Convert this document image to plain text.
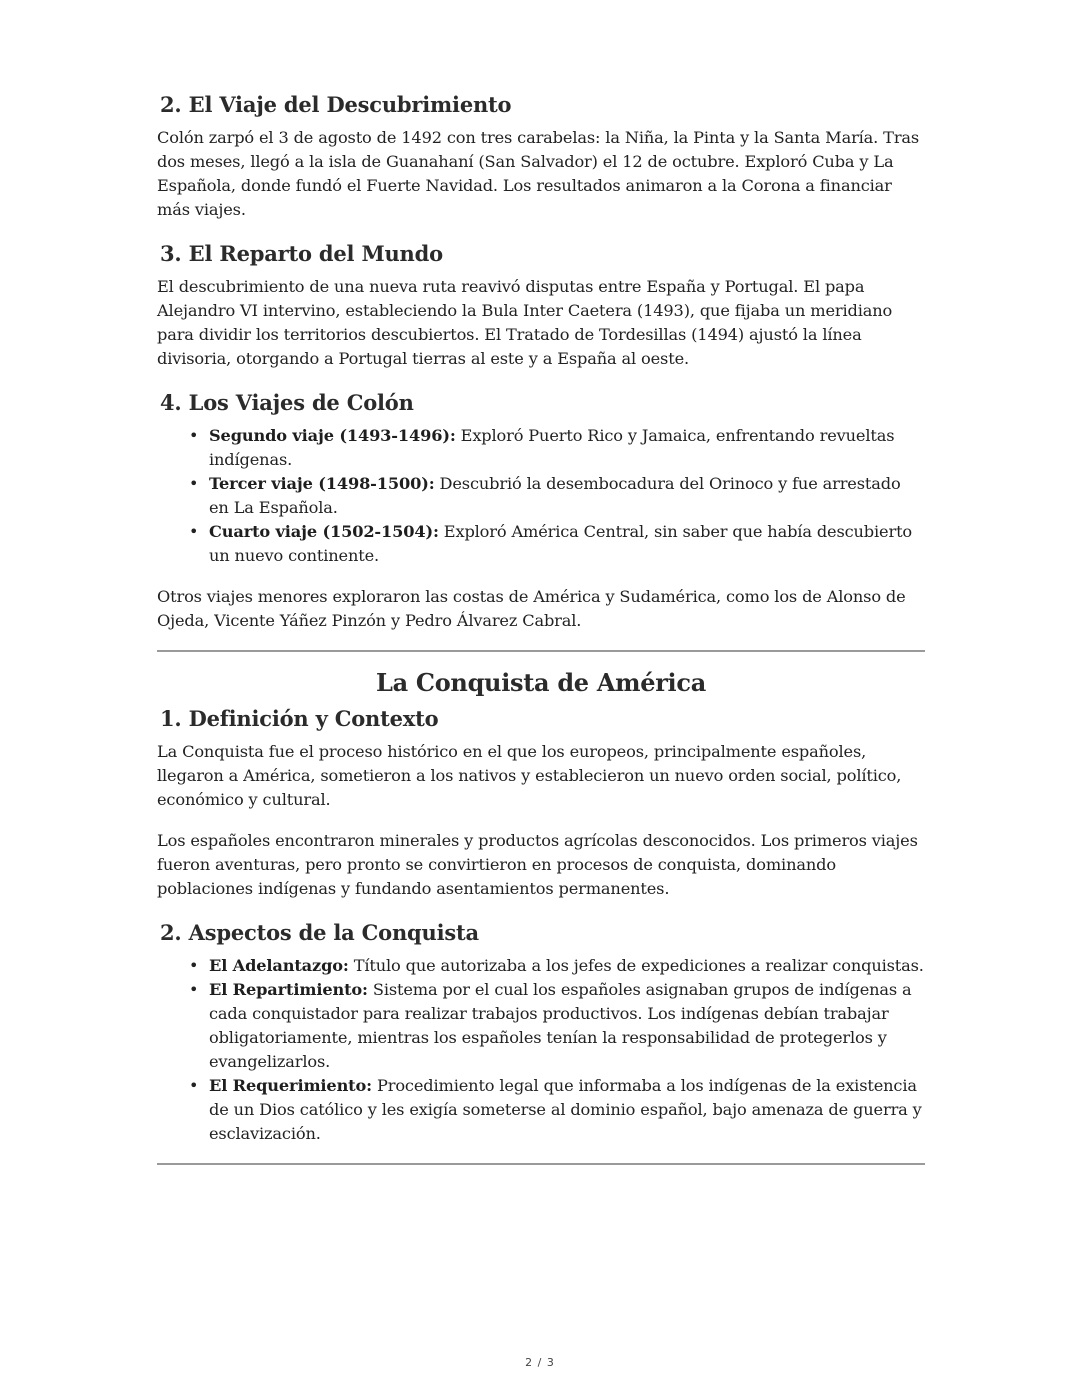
2. El Viaje del Descubrimiento

Colón zarpó el 3 de agosto de 1492 con tres carabelas: la Niña, la Pinta y la Santa María. Tras dos meses, llegó a la isla de Guanahaní (San Salvador) el 12 de octubre. Exploró Cuba y La Española, donde fundó el Fuerte Navidad. Los resultados animaron a la Corona a financiar más viajes.

3. El Reparto del Mundo

El descubrimiento de una nueva ruta reavivó disputas entre España y Portugal. El papa Alejandro VI intervino, estableciendo la Bula Inter Caetera (1493), que fijaba un meridiano para dividir los territorios descubiertos. El Tratado de Tordesillas (1494) ajustó la línea divisoria, otorgando a Portugal tierras al este y a España al oeste.

4. Los Viajes de Colón
• Segundo viaje (1493-1496): Exploró Puerto Rico y Jamaica, enfrentando revueltas indígenas.
• Tercer viaje (1498-1500): Descubrió la desembocadura del Orinoco y fue arrestado en La Española.
• Cuarto viaje (1502-1504): Exploró América Central, sin saber que había descubierto un nuevo continente.

Otros viajes menores exploraron las costas de América y Sudamérica, como los de Alonso de Ojeda, Vicente Yáñez Pinzón y Pedro Álvarez Cabral.

La Conquista de América
1. Definición y Contexto

La Conquista fue el proceso histórico en el que los europeos, principalmente españoles, llegaron a América, sometieron a los nativos y establecieron un nuevo orden social, político, económico y cultural.

Los españoles encontraron minerales y productos agrícolas desconocidos. Los primeros viajes fueron aventuras, pero pronto se convirtieron en procesos de conquista, dominando poblaciones indígenas y fundando asentamientos permanentes.

2. Aspectos de la Conquista
• El Adelantazgo: Título que autorizaba a los jefes de expediciones a realizar conquistas.
• El Repartimiento: Sistema por el cual los españoles asignaban grupos de indígenas a cada conquistador para realizar trabajos productivos. Los indígenas debían trabajar obligatoriamente, mientras los españoles tenían la responsabilidad de protegerlos y evangelizarlos.
• El Requerimiento: Procedimiento legal que informaba a los indígenas de la existencia de un Dios católico y les exigía someterse al dominio español, bajo amenaza de guerra y esclavización.
2 / 3
